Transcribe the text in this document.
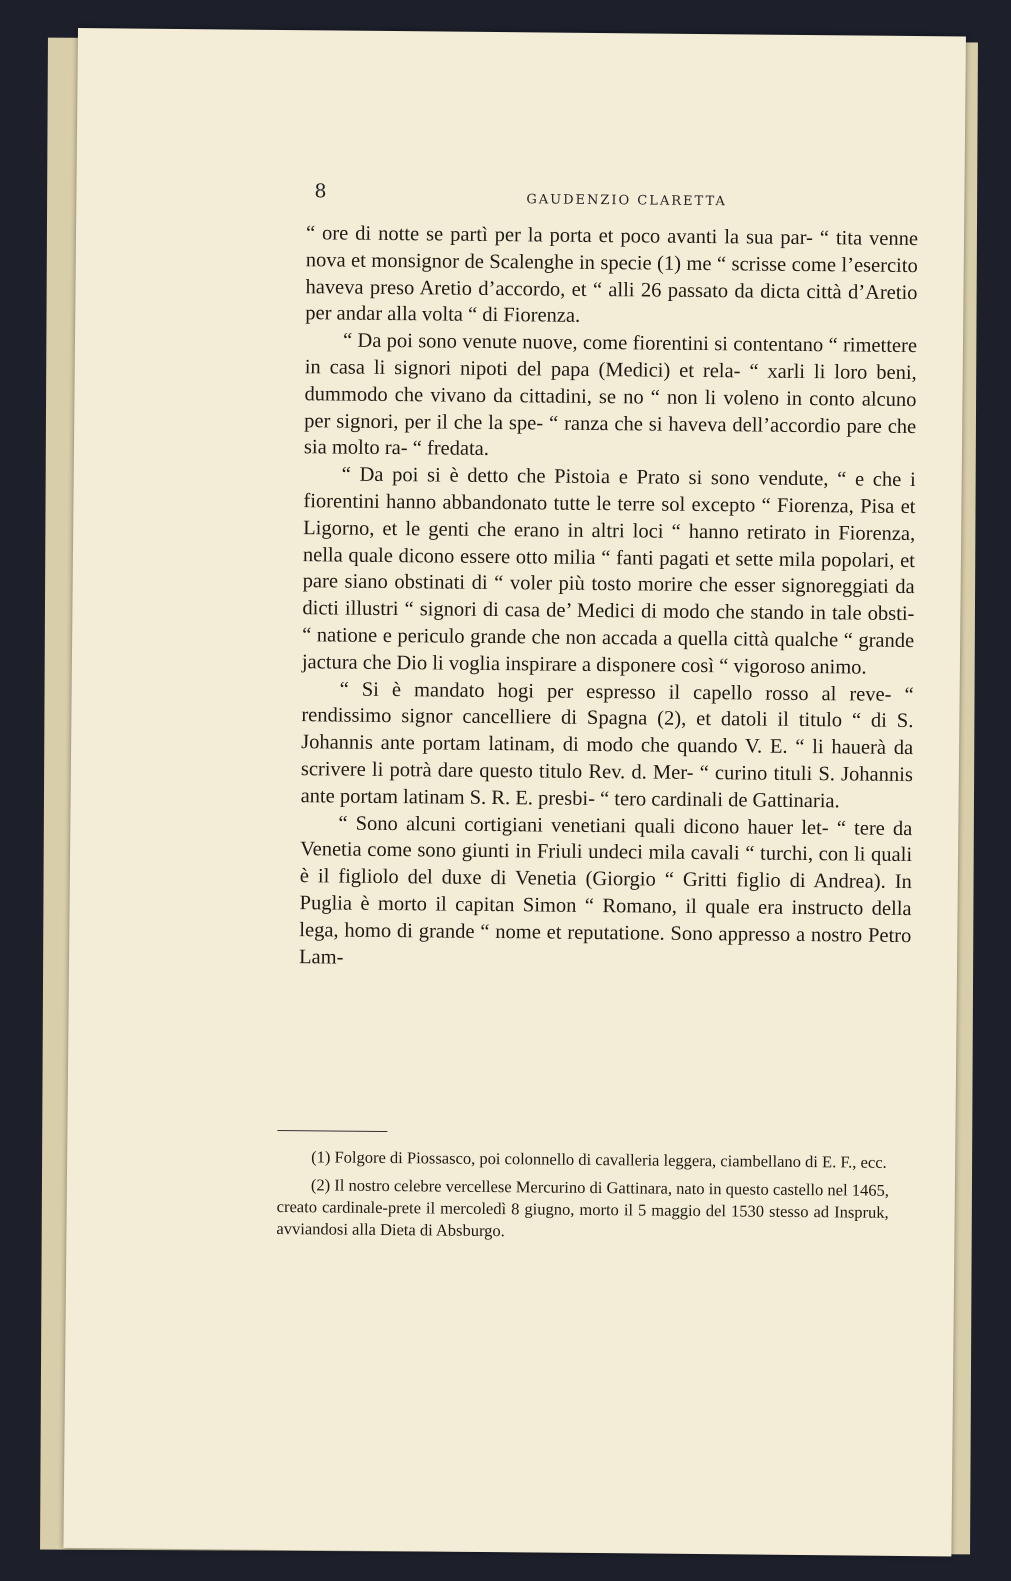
8	GAUDENZIO CLARETTA

“ ore di notte se partì per la porta et poco avanti la sua par- “ tita venne nova et monsignor de Scalenghe in specie (1) me “ scrisse come l’esercito haveva preso Aretio d’accordo, et “ alli 26 passato da dicta città d’Aretio per andar alla volta “ di Fiorenza.

“ Da poi sono venute nuove, come fiorentini si contentano “ rimettere in casa li signori nipoti del papa (Medici) et rela- “ xarli li loro beni, dummodo che vivano da cittadini, se no “ non li voleno in conto alcuno per signori, per il che la spe- “ ranza che si haveva dell’accordio pare che sia molto ra- “ fredata.

“ Da poi si è detto che Pistoia e Prato si sono vendute, “ e che i fiorentini hanno abbandonato tutte le terre sol excepto “ Fiorenza, Pisa et Ligorno, et le genti che erano in altri loci “ hanno retirato in Fiorenza, nella quale dicono essere otto milia “ fanti pagati et sette mila popolari, et pare siano obstinati di “ voler più tosto morire che esser signoreggiati da dicti illustri “ signori di casa de’ Medici di modo che stando in tale obsti- “ natione e periculo grande che non accada a quella città qualche “ grande jactura che Dio li voglia inspirare a disponere così “ vigoroso animo.

“ Si è mandato hogi per espresso il capello rosso al reve- “ rendissimo signor cancelliere di Spagna (2), et datoli il titulo “ di S. Johannis ante portam latinam, di modo che quando V. E. “ li hauerà da scrivere li potrà dare questo titulo Rev. d. Mer- “ curino tituli S. Johannis ante portam latinam S. R. E. presbi- “ tero cardinali de Gattinaria.

“ Sono alcuni cortigiani venetiani quali dicono hauer let- “ tere da Venetia come sono giunti in Friuli undeci mila cavali “ turchi, con li quali è il figliolo del duxe di Venetia (Giorgio “ Gritti figlio di Andrea). In Puglia è morto il capitan Simon “ Romano, il quale era instructo della lega, homo di grande “ nome et reputatione. Sono appresso a nostro Petro Lam-

(1) Folgore di Piossasco, poi colonnello di cavalleria leggera, ciambellano di E. F., ecc.

(2) Il nostro celebre vercellese Mercurino di Gattinara, nato in questo castello nel 1465, creato cardinale-prete il mercoledì 8 giugno, morto il 5 maggio del 1530 stesso ad Inspruk, avviandosi alla Dieta di Absburgo.
